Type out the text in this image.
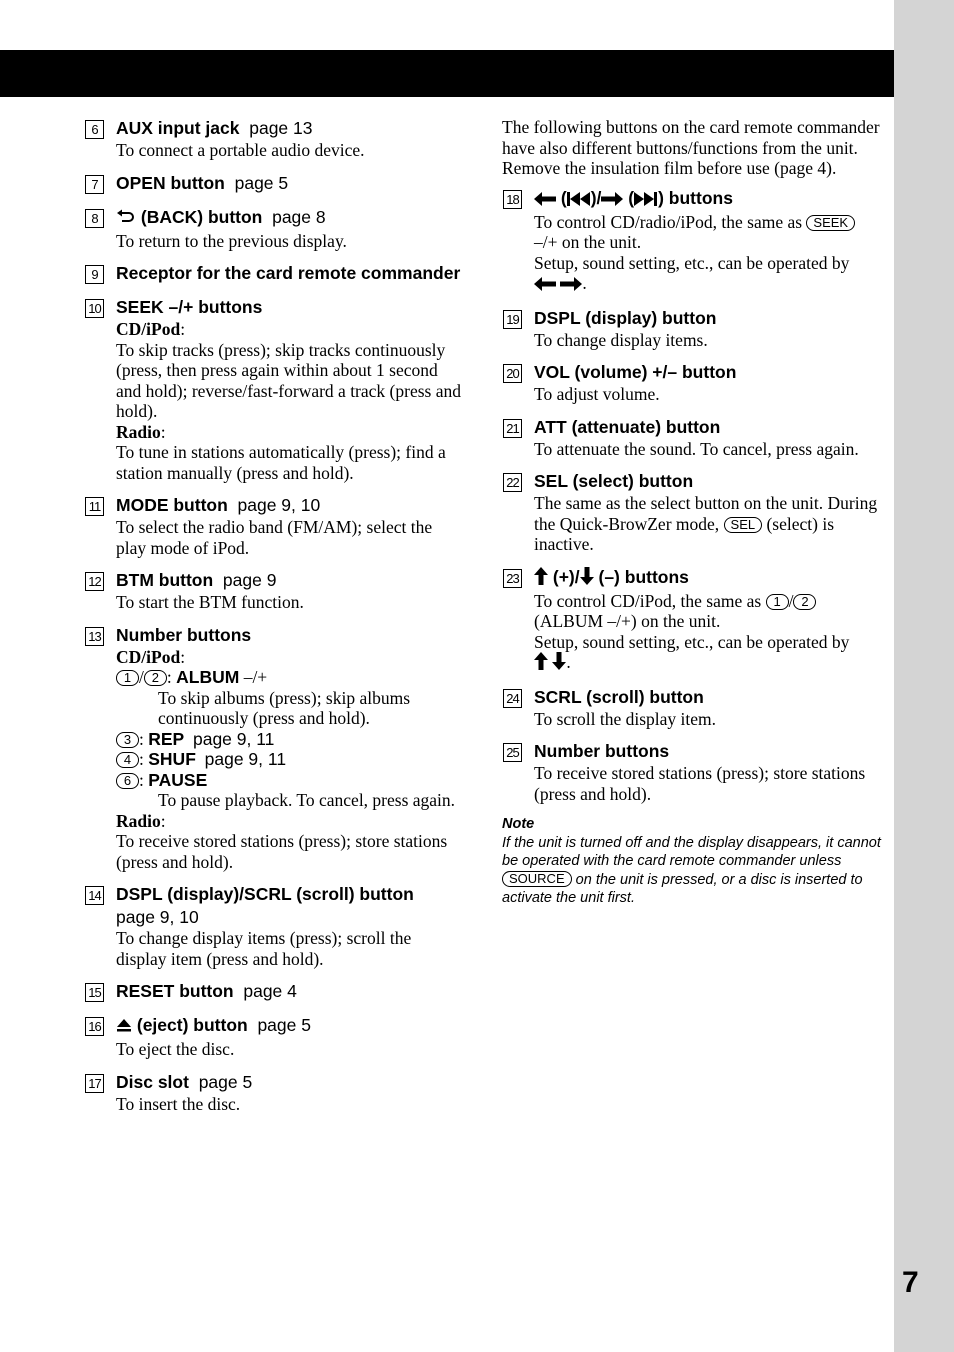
7
6	AUX input jack page 13
To connect a portable audio device.
7	OPEN button page 5
8	(BACK) button page 8
To return to the previous display.
9	Receptor for the card remote commander
10 SEEK –/+ buttons
CD/iPod:
To skip tracks (press); skip tracks continuously (press, then press again within about 1 second and hold); reverse/fast-forward a track (press and hold).
Radio:
To tune in stations automatically (press); find a station manually (press and hold).
11 MODE button page 9, 10
To select the radio band (FM/AM); select the play mode of iPod.
12 BTM button page 9
To start the BTM function.
13 Number buttons
CD/iPod:
1 / 2 : ALBUM –/+
To skip albums (press); skip albums continuously (press and hold).
3 : REP page 9, 11
4 : SHUF page 9, 11
6 : PAUSE
To pause playback. To cancel, press again.
Radio:
To receive stored stations (press); store stations (press and hold).
14 DSPL (display)/SCRL (scroll) button
page 9, 10
To change display items (press); scroll the display item (press and hold).
15 RESET button page 4
16	(eject) button page 5
To eject the disc.
17 Disc slot page 5
To insert the disc.
The following buttons on the card remote commander have also different buttons/functions from the unit. Remove the insulation film before use (page 4).
18	( )/ ( ) buttons
To control CD/radio/iPod, the same as SEEK –/+ on the unit.
Setup, sound setting, etc., can be operated by
.
19 DSPL (display) button
To change display items.
20 VOL (volume) +/– button
To adjust volume.
21 ATT (attenuate) button
To attenuate the sound. To cancel, press again.
22 SEL (select) button
The same as the select button on the unit. During the Quick-BrowZer mode, SEL (select) is inactive.
23	(+)/ (–) buttons
To control CD/iPod, the same as 1 / 2 (ALBUM –/+) on the unit.
Setup, sound setting, etc., can be operated by
.
24 SCRL (scroll) button
To scroll the display item.
25 Number buttons
To receive stored stations (press); store stations (press and hold).
Note
If the unit is turned off and the display disappears, it cannot be operated with the card remote commander unless SOURCE on the unit is pressed, or a disc is inserted to activate the unit first.
